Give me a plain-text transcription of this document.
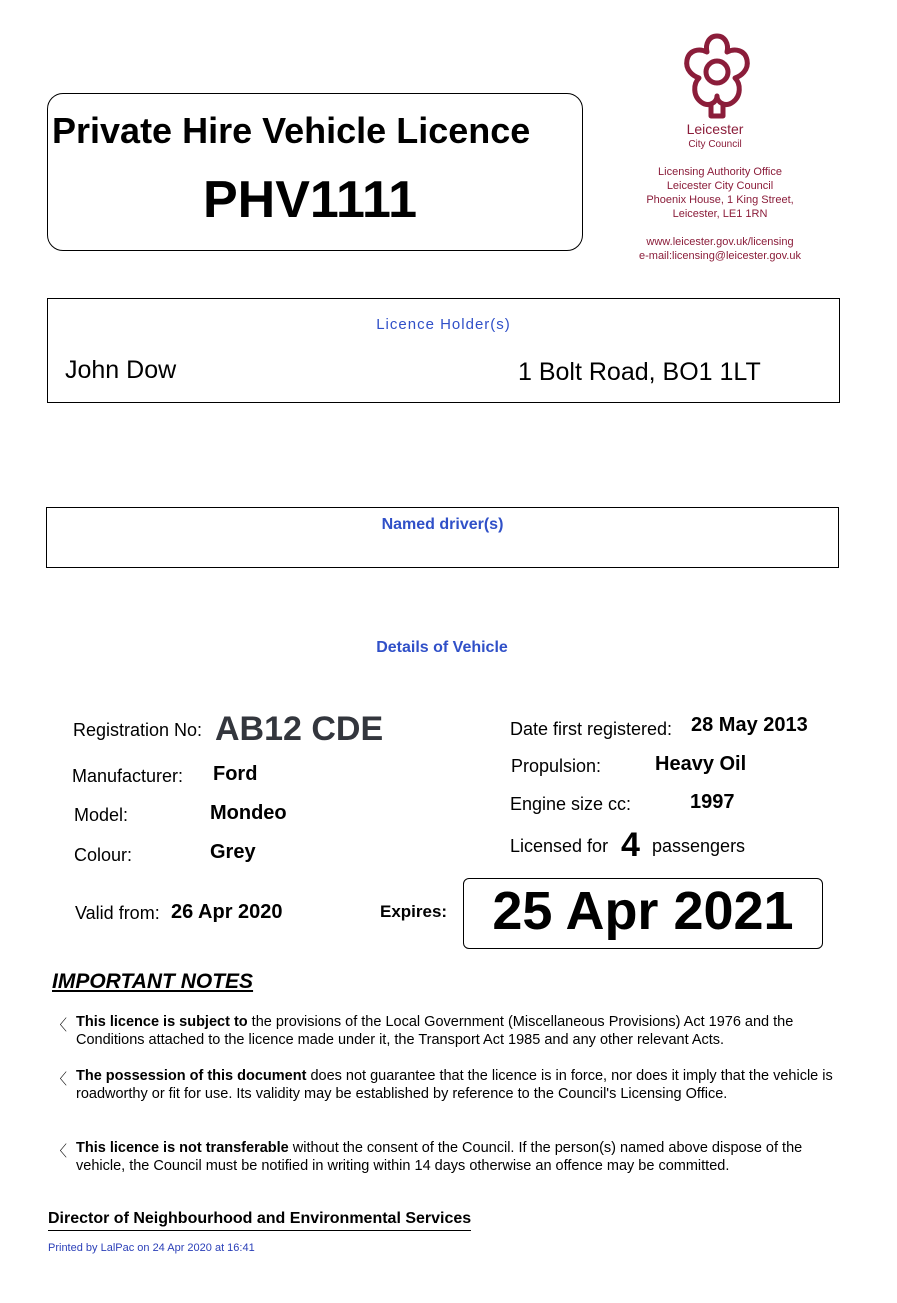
Private Hire Vehicle Licence
PHV1111
Leicester
City Council
Licensing Authority Office
Leicester City Council
Phoenix House, 1 King Street,
Leicester, LE1 1RN
www.leicester.gov.uk/licensing
e-mail:licensing@leicester.gov.uk
Licence Holder(s)
John Dow	1 Bolt Road, BO1 1LT
Named driver(s)
Details of Vehicle
Registration No: AB12 CDE
Manufacturer: Ford
Model:	Mondeo
Colour:	Grey
Date first registered: 28 May 2013
Propulsion:	Heavy Oil
Engine size cc:	1997
Licensed for 4 passengers
Valid from: 26 Apr 2020	Expires: 25 Apr 2021
IMPORTANT NOTES
〈 This licence is subject to the provisions of the Local Government (Miscellaneous Provisions) Act 1976 and the Conditions attached to the licence made under it, the Transport Act 1985 and any other relevant Acts.
〈 The possession of this document does not guarantee that the licence is in force, nor does it imply that the vehicle is roadworthy or fit for use. Its validity may be established by reference to the Council's Licensing Office.
〈 This licence is not transferable without the consent of the Council. If the person(s) named above dispose of the vehicle, the Council must be notified in writing within 14 days otherwise an offence may be committed.
Director of Neighbourhood and Environmental Services
Printed by LalPac on 24 Apr 2020 at 16:41
